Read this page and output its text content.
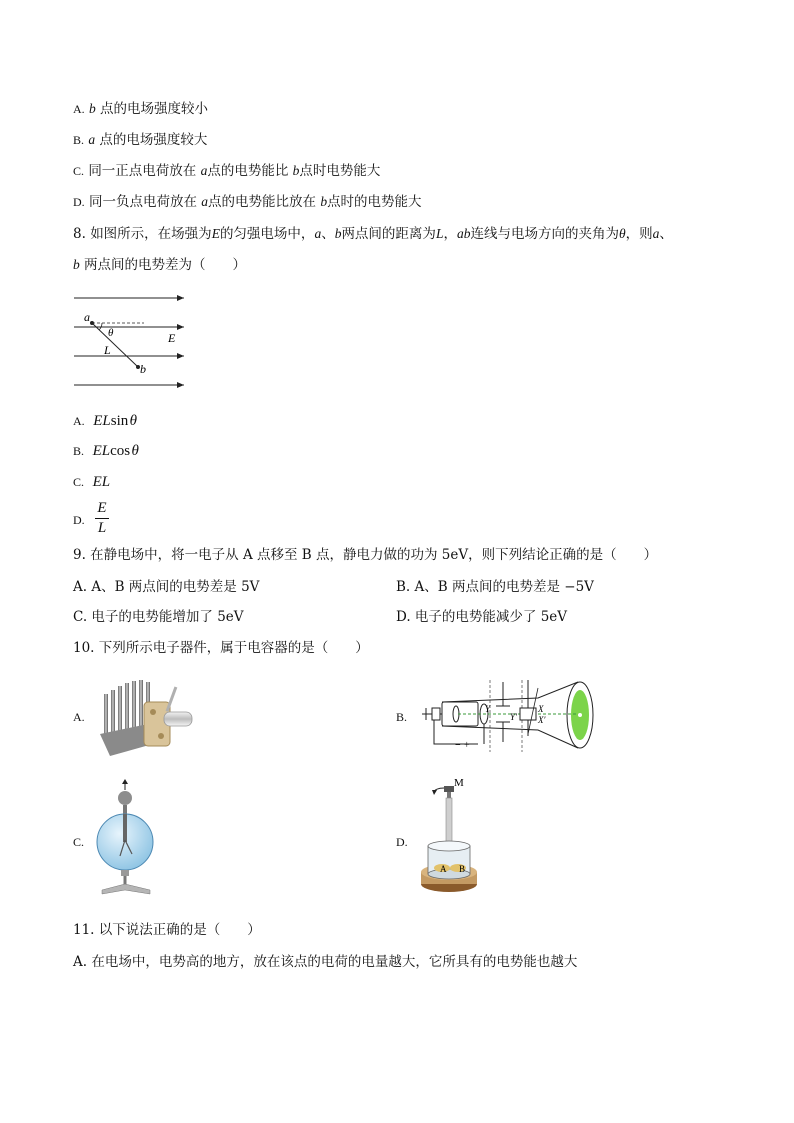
A. b 点的电场强度较小
B. a 点的电场强度较大
C. 同一正点电荷放在 a点的电势能比 b点时电势能大
D. 同一负点电荷放在 a点的电势能比放在 b点时的电势能大
8. 如图所示，在场强为E的匀强电场中，a、b两点间的距离为L，ab连线与电场方向的夹角为θ，则a、
b 两点间的电势差为（　　）
a
θ
L
b
E
A. ELsin θ
B. ELcos θ
C. EL
D.
E
L
9. 在静电场中，将一电子从 A 点移至 B 点，静电力做的功为 5eV，则下列结论正确的是（　　）
A. A、B 两点间的电势差是 5V	B. A、B 两点间的电势差是 −5V
C. 电子的电势能增加了 5eV	D. 电子的电势能减少了 5eV
10. 下列所示电子器件，属于电容器的是（　　）
A.	B.
Y
Y′
X
X′
− +
C.	D.
M
A B
11. 以下说法正确的是（　　）
A. 在电场中，电势高的地方，放在该点的电荷的电量越大，它所具有的电势能也越大
